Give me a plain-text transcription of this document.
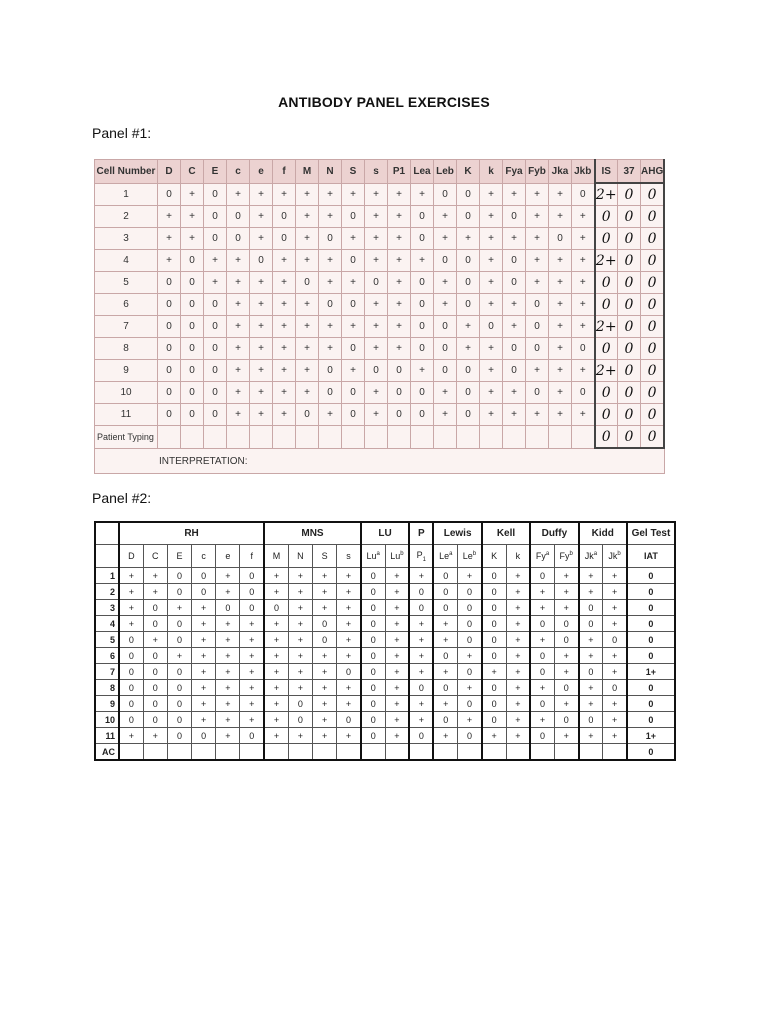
ANTIBODY PANEL EXERCISES
Panel #1:
Panel #2:
Cell Number	D	C	E	c	e	f	M	N	S	s	P1	Lea	Leb	K	k	Fya	Fyb	Jka	Jkb	IS	37	AHG
1	0	+	0	+	+	+	+	+	+	+	+	+	0	0	+	+	+	+	0	2+	0	0
2	+	+	0	0	+	0	+	+	0	+	+	0	+	0	+	0	+	+	+	0	0	0
3	+	+	0	0	+	0	+	0	+	+	+	0	+	+	+	+	+	0	+	0	0	0
4	+	0	+	+	0	+	+	+	0	+	+	+	0	0	+	0	+	+	+	2+	0	0
5	0	0	+	+	+	+	0	+	+	0	+	0	+	0	+	0	+	+	+	0	0	0
6	0	0	0	+	+	+	+	0	0	+	+	0	+	0	+	+	0	+	+	0	0	0
7	0	0	0	+	+	+	+	+	+	+	+	0	0	+	0	+	0	+	+	2+	0	0
8	0	0	0	+	+	+	+	+	0	+	+	0	0	+	+	0	0	+	0	0	0	0
9	0	0	0	+	+	+	+	0	+	0	0	+	0	0	+	0	+	+	+	2+	0	0
10	0	0	0	+	+	+	+	0	0	+	0	0	+	0	+	+	0	+	0	0	0	0
11	0	0	0	+	+	+	0	+	0	+	0	0	+	0	+	+	+	+	+	0	0	0
Patient Typing																				0	0	0
INTERPRETATION:																						
	RH						MNS				LU		P	Lewis		Kell		Duffy		Kidd		Gel Test
	D	C	E	c	e	f	M	N	S	s	Lu$^a$	Lu$^b$	$P_1$	Le$^a$	Le$^b$	K	k	Fy$^a$	Fy$^b$	Jk$^a$	Jk$^b$	IAT
1	+	+	0	0	+	0	+	+	+	+	0	+	+	0	+	0	+	0	+	+	+	0
2	+	+	0	0	+	0	+	+	+	+	0	+	0	0	0	0	+	+	+	+	+	0
3	+	0	+	+	0	0	0	+	+	+	0	+	0	0	0	0	+	+	+	0	+	0
4	+	0	0	+	+	+	+	+	0	+	0	+	+	+	0	0	+	0	0	0	+	0
5	0	+	0	+	+	+	+	+	0	+	0	+	+	+	0	0	+	+	0	+	0	0
6	0	0	+	+	+	+	+	+	+	+	0	+	+	0	+	0	+	0	+	+	+	0
7	0	0	0	+	+	+	+	+	+	0	0	+	+	+	0	+	+	0	+	0	+	1+
8	0	0	0	+	+	+	+	+	+	+	0	+	0	0	+	0	+	+	0	+	0	0
9	0	0	0	+	+	+	+	0	+	+	0	+	+	+	0	0	+	0	+	+	+	0
10	0	0	0	+	+	+	+	0	+	0	0	+	+	0	+	0	+	+	0	0	+	0
11	+	+	0	0	+	0	+	+	+	+	0	+	0	+	0	+	+	0	+	+	+	1+
AC																						0
